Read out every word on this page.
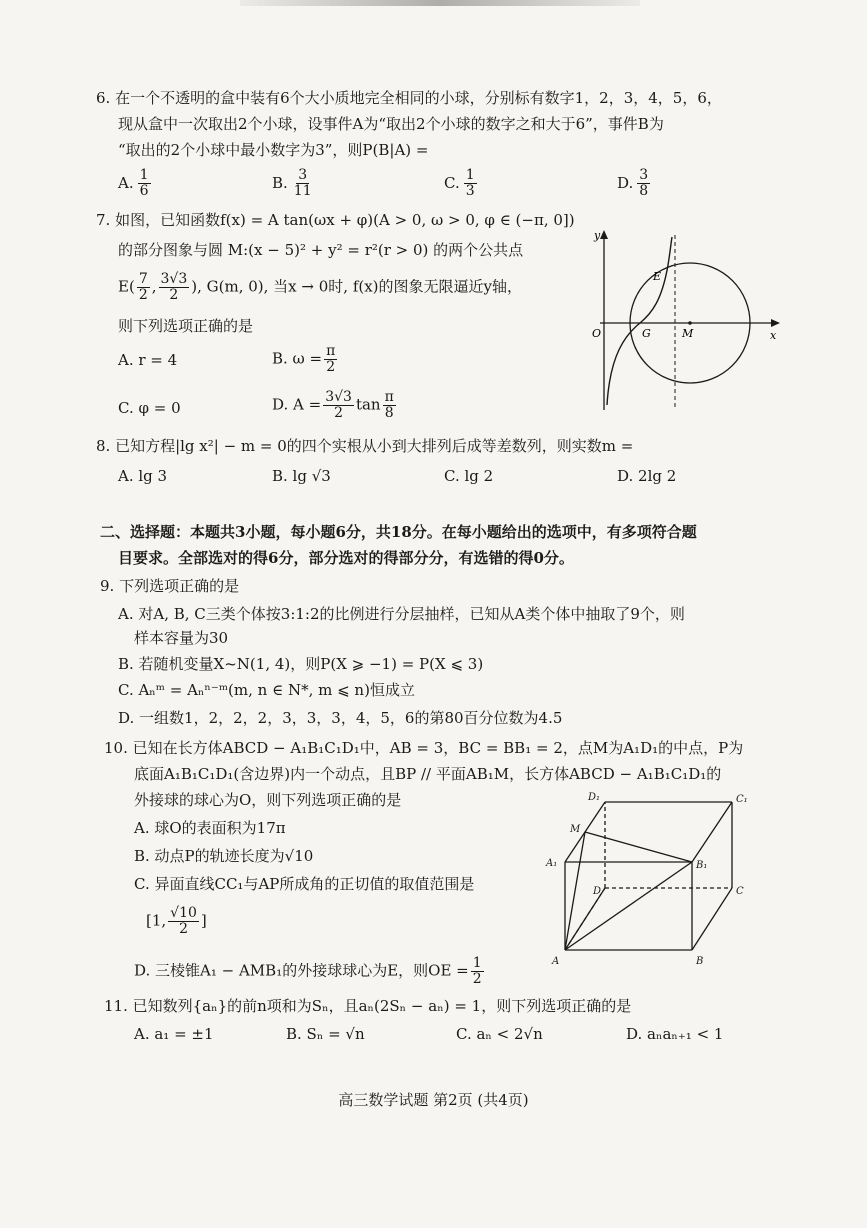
6. 在一个不透明的盒中装有6个大小质地完全相同的小球，分别标有数字1，2，3，4，5，6，
现从盒中一次取出2个小球，设事件A为“取出2个小球的数字之和大于6”，事件B为
“取出的2个小球中最小数字为3”，则P(B|A) =
A. $\frac{1}{6}$	B. $\frac{3}{11}$	C. $\frac{1}{3}$	D. $\frac{3}{8}$
7. 如图，已知函数f(x) = A tan(ωx + φ)(A > 0, ω > 0, φ ∈ (−π, 0])
的部分图象与圆 M:(x − 5)² + y² = r²(r > 0) 的两个公共点
$E( \frac{7}{2}$ , $\frac{3√3}{2}$ ), G(m, 0), 当x → 0时, f(x)的图象无限逼近y轴，
则下列选项正确的是
A. r = 4	B. $\omega = \frac{\pi}{2}$
C. φ = 0	D. $A = \frac{3√3}{2}$ $\tan \frac{\pi}{8}$
y
x
O	G	M
E
8. 已知方程|lg x²| − m = 0的四个实根从小到大排列后成等差数列，则实数m =
A. lg 3	B. lg √3	C. lg 2	D. 2lg 2
二、选择题：本题共3小题，每小题6分，共18分。在每小题给出的选项中，有多项符合题
目要求。全部选对的得6分，部分选对的得部分分，有选错的得0分。
9. 下列选项正确的是
A. 对A, B, C三类个体按3:1:2的比例进行分层抽样，已知从A类个体中抽取了9个，则
样本容量为30
B. 若随机变量X~N(1, 4)，则P(X ⩾ −1) = P(X ⩽ 3)
C. Aₙᵐ = Aₙⁿ⁻ᵐ(m, n ∈ N*, m ⩽ n)恒成立
D. 一组数1，2，2，2，3，3，3，4，5，6的第80百分位数为4.5
10. 已知在长方体ABCD − A₁B₁C₁D₁中，AB = 3，BC = BB₁ = 2，点M为A₁D₁的中点，P为
底面A₁B₁C₁D₁(含边界)内一个动点，且BP // 平面AB₁M，长方体ABCD − A₁B₁C₁D₁的
外接球的球心为O，则下列选项正确的是
A. 球O的表面积为17π
B. 动点P的轨迹长度为√10
C. 异面直线CC₁与AP所成角的正切值的取值范围是
[1, $\frac{√10}{2}$ ]
D. 三棱锥A₁ − AMB₁的外接球球心为E，则OE = $\frac{1}{2}$
D₁	C₁
M
A₁	B₁
D	C
A	B
11. 已知数列{aₙ}的前n项和为Sₙ，且aₙ(2Sₙ − aₙ) = 1，则下列选项正确的是
A. a₁ = ±1	B. Sₙ = √n	C. aₙ < 2√n	D. aₙaₙ₊₁ < 1
高三数学试题 第2页 (共4页)
